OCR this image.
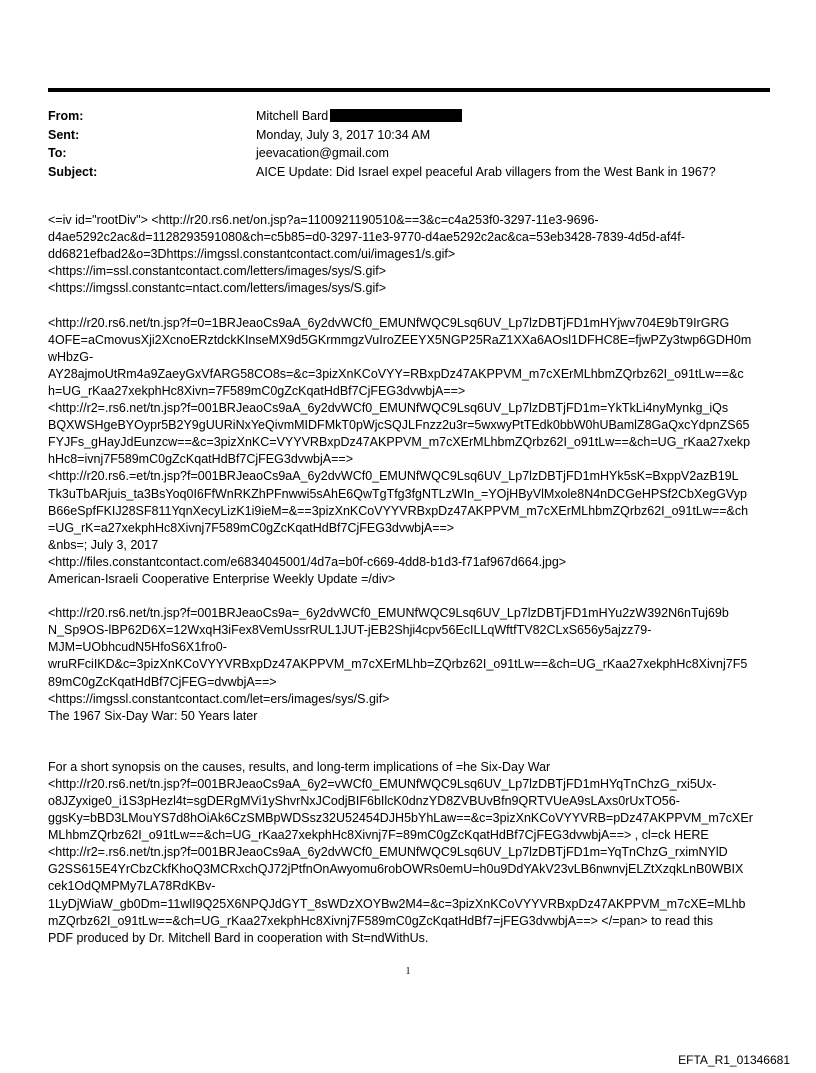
From:	Mitchell Bard
Sent:	Monday, July 3, 2017 10:34 AM
To:	jeevacation@gmail.com
Subject:	AICE Update: Did Israel expel peaceful Arab villagers from the West Bank in 1967?

<=iv id="rootDiv"> <http://r20.rs6.net/on.jsp?a=1100921190510&==3&c=c4a253f0-3297-11e3-9696-
d4ae5292c2ac&d=1128293591080&ch=c5b85=d0-3297-11e3-9770-d4ae5292c2ac&ca=53eb3428-7839-4d5d-af4f-
dd6821efbad2&o=3Dhttps://imgssl.constantcontact.com/ui/images1/s.gif>
<https://im=ssl.constantcontact.com/letters/images/sys/S.gif>
<https://imgssl.constantc=ntact.com/letters/images/sys/S.gif>

<http://r20.rs6.net/tn.jsp?f=0=1BRJeaoCs9aA_6y2dvWCf0_EMUNfWQC9Lsq6UV_Lp7lzDBTjFD1mHYjwv704E9bT9IrGRG
4OFE=aCmovusXji2XcnoERztdckKInseMX9d5GKrmmgzVuIroZEEYX5NGP25RaZ1XXa6AOsl1DFHC8E=fjwPZy3twp6GDH0m
wHbzG-
AY28ajmoUtRm4a9ZaeyGxVfARG58CO8s=&c=3pizXnKCoVYY=RBxpDz47AKPPVM_m7cXErMLhbmZQrbz62I_o91tLw==&c
h=UG_rKaa27xekphHc8Xivn=7F589mC0gZcKqatHdBf7CjFEG3dvwbjA==>
<http://r2=.rs6.net/tn.jsp?f=001BRJeaoCs9aA_6y2dvWCf0_EMUNfWQC9Lsq6UV_Lp7lzDBTjFD1m=YkTkLi4nyMynkg_iQs
BQXWSHgeBYOypr5B2Y9gUURiNxYeQivmMIDFMkT0pWjcSQJLFnzz2u3r=5wxwyPtTEdk0bbW0hUBamlZ8GaQxcYdpnZS65
FYJFs_gHayJdEunzcw==&c=3pizXnKC=VYYVRBxpDz47AKPPVM_m7cXErMLhbmZQrbz62I_o91tLw==&ch=UG_rKaa27xekp
hHc8=ivnj7F589mC0gZcKqatHdBf7CjFEG3dvwbjA==>
<http://r20.rs6.=et/tn.jsp?f=001BRJeaoCs9aA_6y2dvWCf0_EMUNfWQC9Lsq6UV_Lp7lzDBTjFD1mHYk5sK=BxppV2azB19L
Tk3uTbARjuis_ta3BsYoq0I6FfWnRKZhPFnwwi5sAhE6QwTgTfg3fgNTLzWIn_=YOjHByVlMxole8N4nDCGeHPSf2CbXegGVyp
B66eSpfFKIJ28SF811YqnXecyLizK1i9ieM=&==3pizXnKCoVYYVRBxpDz47AKPPVM_m7cXErMLhbmZQrbz62I_o91tLw==&ch
=UG_rK=a27xekphHc8Xivnj7F589mC0gZcKqatHdBf7CjFEG3dvwbjA==>
&nbs=; July 3, 2017
<http://files.constantcontact.com/e6834045001/4d7a=b0f-c669-4dd8-b1d3-f71af967d664.jpg>
American-Israeli Cooperative Enterprise Weekly Update =/div>

<http://r20.rs6.net/tn.jsp?f=001BRJeaoCs9a=_6y2dvWCf0_EMUNfWQC9Lsq6UV_Lp7lzDBTjFD1mHYu2zW392N6nTuj69b
N_Sp9OS-lBP62D6X=12WxqH3iFex8VemUssrRUL1JUT-jEB2Shji4cpv56EcILLqWftfTV82CLxS656y5ajzz79-
MJM=UObhcudN5HfoS6X1fro0-
wruRFciIKD&c=3pizXnKCoVYYVRBxpDz47AKPPVM_m7cXErMLhb=ZQrbz62I_o91tLw==&ch=UG_rKaa27xekphHc8Xivnj7F5
89mC0gZcKqatHdBf7CjFEG=dvwbjA==>
<https://imgssl.constantcontact.com/let=ers/images/sys/S.gif>
The 1967 Six-Day War: 50 Years later

For a short synopsis on the causes, results, and long-term implications of =he Six-Day War
<http://r20.rs6.net/tn.jsp?f=001BRJeaoCs9aA_6y2=vWCf0_EMUNfWQC9Lsq6UV_Lp7lzDBTjFD1mHYqTnChzG_rxi5Ux-
o8JZyxige0_i1S3pHezl4t=sgDERgMVi1yShvrNxJCodjBIF6bIlcK0dnzYD8ZVBUvBfn9QRTVUeA9sLAxs0rUxTO56-
ggsKy=bBD3LMouYS7d8hOiAk6CzSMBpWDSsz32U52454DJH5bYhLaw==&c=3pizXnKCoVYYVRB=pDz47AKPPVM_m7cXEr
MLhbmZQrbz62I_o91tLw==&ch=UG_rKaa27xekphHc8Xivnj7F=89mC0gZcKqatHdBf7CjFEG3dvwbjA==> , cl=ck HERE
<http://r2=.rs6.net/tn.jsp?f=001BRJeaoCs9aA_6y2dvWCf0_EMUNfWQC9Lsq6UV_Lp7lzDBTjFD1m=YqTnChzG_rximNYlD
G2SS615E4YrCbzCkfKhoQ3MCRxchQJ72jPtfnOnAwyomu6robOWRs0emU=h0u9DdYAkV23vLB6nwnvjELZtXzqkLnB0WBIX
cek1OdQMPMy7LA78RdKBv-
1LyDjWiaW_gb0Dm=11wlI9Q25X6NPQJdGYT_8sWDzXOYBw2M4=&c=3pizXnKCoVYYVRBxpDz47AKPPVM_m7cXE=MLhb
mZQrbz62I_o91tLw==&ch=UG_rKaa27xekphHc8Xivnj7F589mC0gZcKqatHdBf7=jFEG3dvwbjA==> </=pan> to read this
PDF produced by Dr. Mitchell Bard in cooperation with St=ndWithUs.

1
EFTA_R1_01346681
